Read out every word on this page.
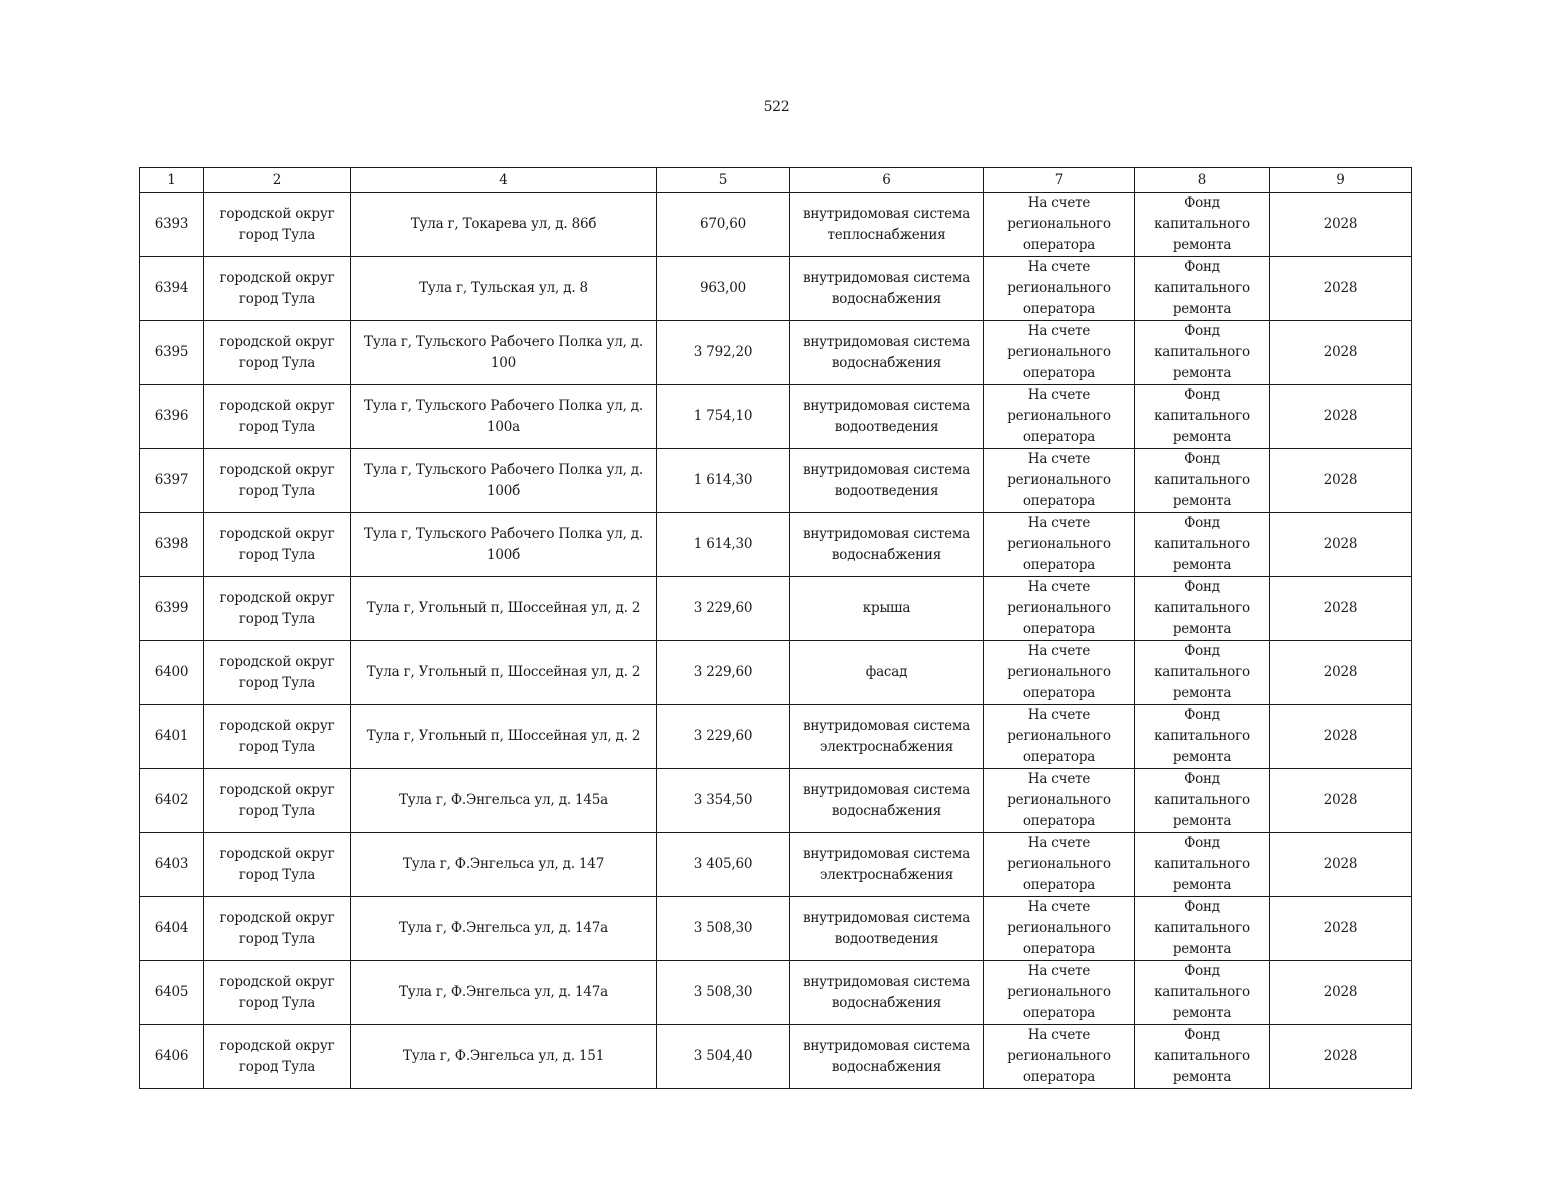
522
1	2	4	5	6	7	8	9
6393	городской округ город Тула	Тула г, Токарева ул, д. 86б	670,60	внутридомовая система теплоснабжения	На счете регионального оператора	Фонд капитального ремонта	2028
6394	городской округ город Тула	Тула г, Тульская ул, д. 8	963,00	внутридомовая система водоснабжения	На счете регионального оператора	Фонд капитального ремонта	2028
6395	городской округ город Тула	Тула г, Тульского Рабочего Полка ул, д. 100	3 792,20	внутридомовая система водоснабжения	На счете регионального оператора	Фонд капитального ремонта	2028
6396	городской округ город Тула	Тула г, Тульского Рабочего Полка ул, д. 100а	1 754,10	внутридомовая система водоотведения	На счете регионального оператора	Фонд капитального ремонта	2028
6397	городской округ город Тула	Тула г, Тульского Рабочего Полка ул, д. 100б	1 614,30	внутридомовая система водоотведения	На счете регионального оператора	Фонд капитального ремонта	2028
6398	городской округ город Тула	Тула г, Тульского Рабочего Полка ул, д. 100б	1 614,30	внутридомовая система водоснабжения	На счете регионального оператора	Фонд капитального ремонта	2028
6399	городской округ город Тула	Тула г, Угольный п, Шоссейная ул, д. 2	3 229,60	крыша	На счете регионального оператора	Фонд капитального ремонта	2028
6400	городской округ город Тула	Тула г, Угольный п, Шоссейная ул, д. 2	3 229,60	фасад	На счете регионального оператора	Фонд капитального ремонта	2028
6401	городской округ город Тула	Тула г, Угольный п, Шоссейная ул, д. 2	3 229,60	внутридомовая система электроснабжения	На счете регионального оператора	Фонд капитального ремонта	2028
6402	городской округ город Тула	Тула г, Ф.Энгельса ул, д. 145а	3 354,50	внутридомовая система водоснабжения	На счете регионального оператора	Фонд капитального ремонта	2028
6403	городской округ город Тула	Тула г, Ф.Энгельса ул, д. 147	3 405,60	внутридомовая система электроснабжения	На счете регионального оператора	Фонд капитального ремонта	2028
6404	городской округ город Тула	Тула г, Ф.Энгельса ул, д. 147а	3 508,30	внутридомовая система водоотведения	На счете регионального оператора	Фонд капитального ремонта	2028
6405	городской округ город Тула	Тула г, Ф.Энгельса ул, д. 147а	3 508,30	внутридомовая система водоснабжения	На счете регионального оператора	Фонд капитального ремонта	2028
6406	городской округ город Тула	Тула г, Ф.Энгельса ул, д. 151	3 504,40	внутридомовая система водоснабжения	На счете регионального оператора	Фонд капитального ремонта	2028
